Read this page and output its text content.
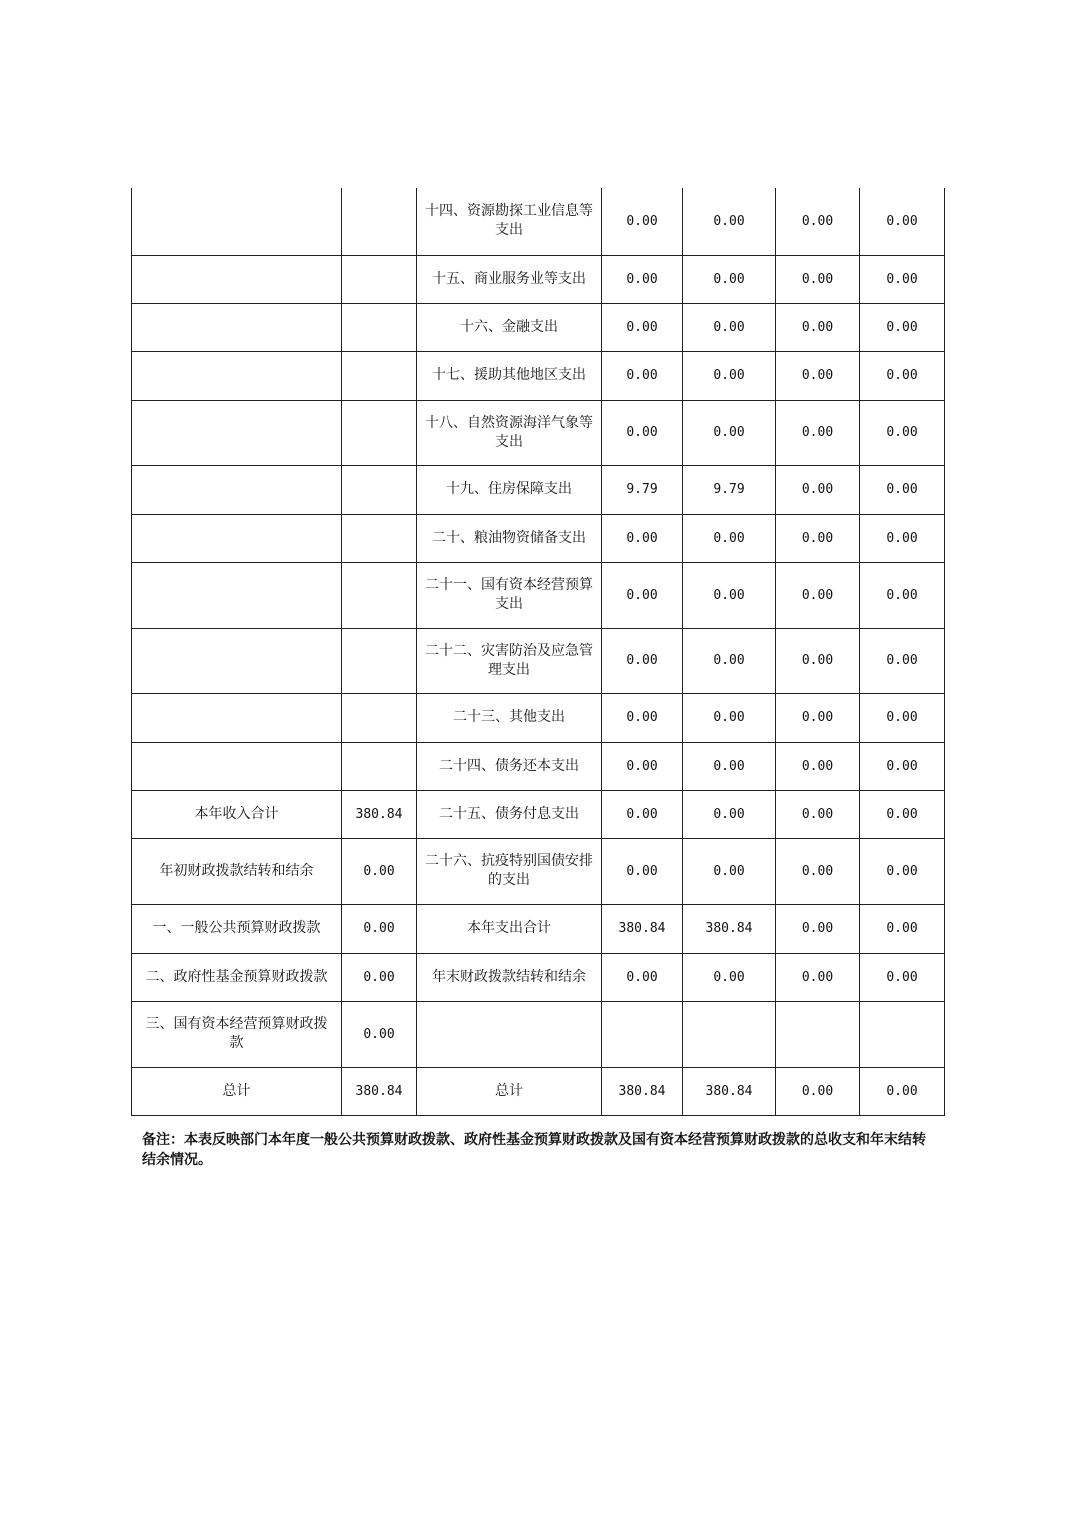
		十四、资源勘探工业信息等支出	0.00	0.00	0.00	0.00
		十五、商业服务业等支出	0.00	0.00	0.00	0.00
		十六、金融支出	0.00	0.00	0.00	0.00
		十七、援助其他地区支出	0.00	0.00	0.00	0.00
		十八、自然资源海洋气象等支出	0.00	0.00	0.00	0.00
		十九、住房保障支出	9.79	9.79	0.00	0.00
		二十、粮油物资储备支出	0.00	0.00	0.00	0.00
		二十一、国有资本经营预算支出	0.00	0.00	0.00	0.00
		二十二、灾害防治及应急管理支出	0.00	0.00	0.00	0.00
		二十三、其他支出	0.00	0.00	0.00	0.00
		二十四、债务还本支出	0.00	0.00	0.00	0.00
本年收入合计	380.84	二十五、债务付息支出	0.00	0.00	0.00	0.00
年初财政拨款结转和结余	0.00	二十六、抗疫特别国债安排的支出	0.00	0.00	0.00	0.00
一、一般公共预算财政拨款	0.00	本年支出合计	380.84	380.84	0.00	0.00
二、政府性基金预算财政拨款	0.00	年末财政拨款结转和结余	0.00	0.00	0.00	0.00
三、国有资本经营预算财政拨款	0.00					
总计	380.84	总计	380.84	380.84	0.00	0.00
备注：本表反映部门本年度一般公共预算财政拨款、政府性基金预算财政拨款及国有资本经营预算财政拨款的总收支和年末结转结余情况。
